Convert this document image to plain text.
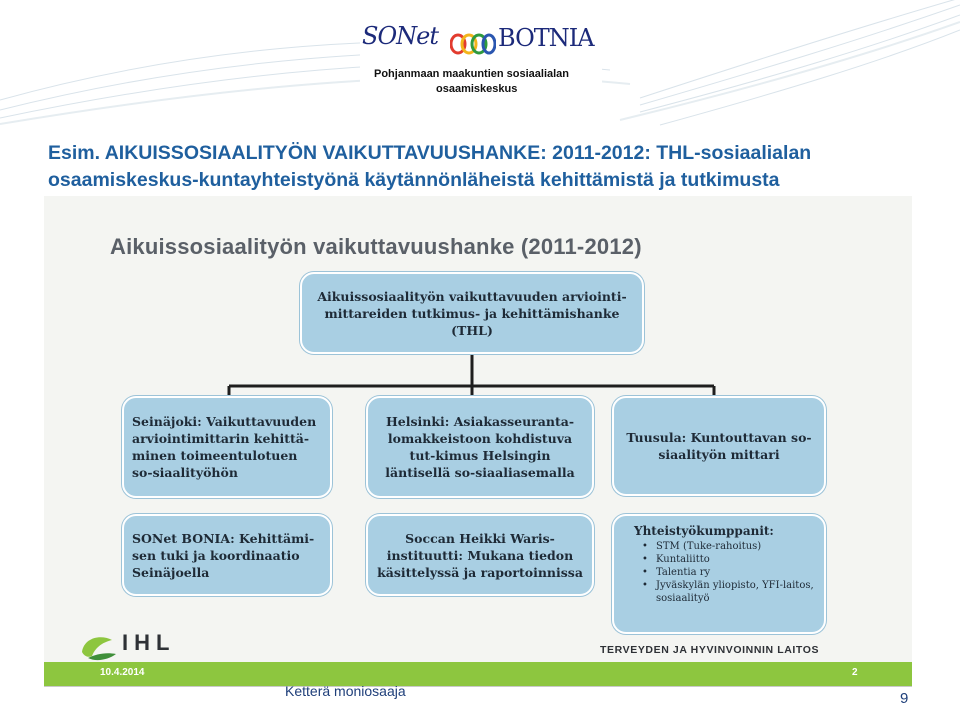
SONet	BOTNIA
Pohjanmaan maakuntien sosiaalialan
osaamiskeskus
Esim. AIKUISSOSIAALITYÖN VAIKUTTAVUUSHANKE: 2011-2012: THL-sosiaalialan
osaamiskeskus-kuntayhteistyönä käytännönläheistä kehittämistä ja tutkimusta
Aikuissosiaalityön vaikuttavuushanke (2011-2012)
Aikuissosiaalityön vaikuttavuuden arviointi-mittareiden tutkimus- ja kehittämishanke (THL)
Seinäjoki: Vaikuttavuuden arviointimittarin kehittä-minen toimeentulotuen so-siaalityöhön
Helsinki: Asiakasseuranta-lomakkeistoon kohdistuva tut-kimus Helsingin läntisellä so-siaaliasemalla
Tuusula: Kuntouttavan so-siaalityön mittari
SONet BONIA: Kehittämi-sen tuki ja koordinaatio Seinäjoella
Soccan Heikki Waris-instituutti: Mukana tiedon käsittelyssä ja raportoinnissa
Yhteistyökumppanit:
• STM (Tuke-rahoitus)
• Kuntaliitto
• Talentia ry
• Jyväskylän yliopisto, YFI-laitos, sosiaalityö
IHL	TERVEYDEN JA HYVINVOINNIN LAITOS
10.4.2014	2
Ketterä moniosaaja	9
